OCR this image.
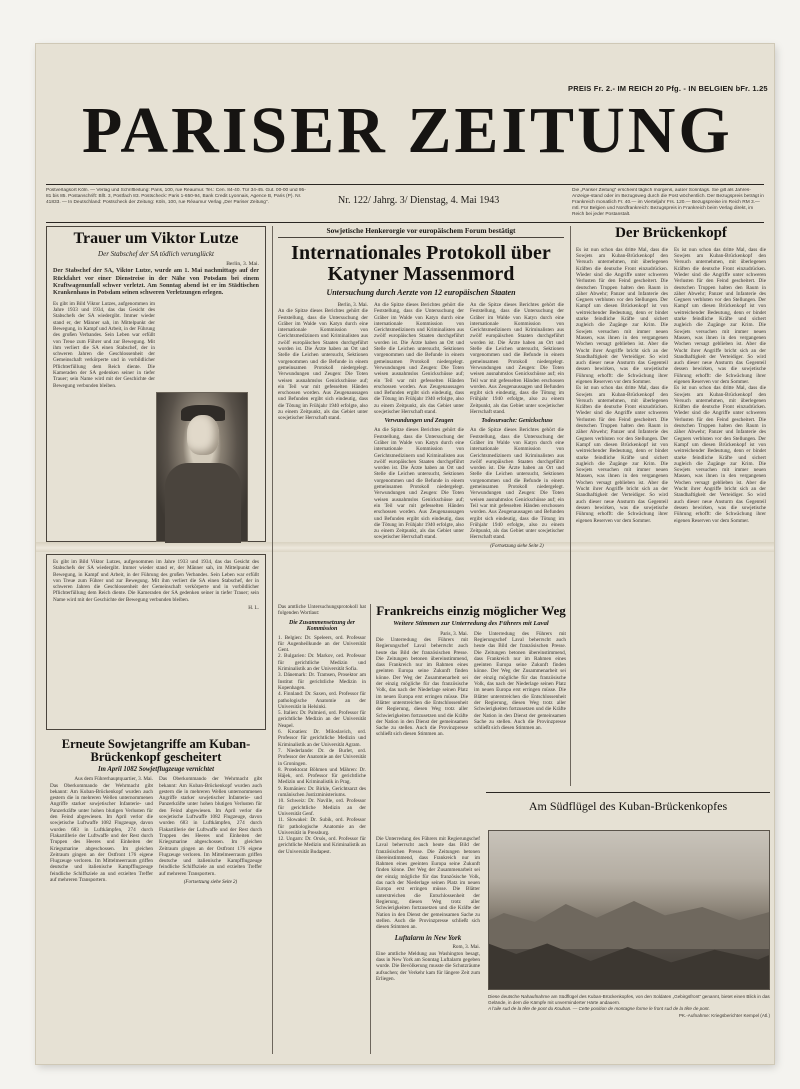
PREIS Fr. 2.- IM REICH 20 Pfg. - IN BELGIEN bFr. 1.25
PARISER ZEITUNG
Postverlagsort Köln. — Verlag und Schriftleitung: Paris, 100, rue Réaumur. Tel.: Cen. 84-40. Tür 34-45. Gut. 00-00 und 95-81 bis 85. Postanschrift: Bllt. 3, Postfach 83. Postscheck: Paris 1-650-94, Bank Credit Lyonnais, Agence B, Paris (P). Nr. 41833. — In Deutschland: Postscheck der Zeitung: Köln, 100, rue Réaumur Verlag „Der Pariser Zeitung“.	Nr. 122/ Jahrg. 3/ Dienstag, 4. Mai 1943
Die „Pariser Zeitung“ erscheint täglich morgens, außer Sonntags. Sie gilt als Jahres-Anzeige-stand oder im Bezugsweg durch die Post wöchentlich. Der Bezugspreis beträgt in Frankreich monatlich Fr. 40.— im Vierteljahr Frs. 120.— Bezugspreise im Reich RM 3.— mtl. Für Belgien und Nordfrankreich: Bezugspreis in Frankreich beim Verlag direkt, im Reich bei jeder Postanstalt.
Trauer um Viktor Lutze
Der Stabschef der SA tödlich verunglückt
Berlin, 3. Mai.
Der Stabschef der SA, Viktor Lutze, wurde am 1. Mai nachmittags auf der Rückfahrt vor einer Dienstreise in der Nähe von Potsdam bei einem Kraftwagenunfall schwer verletzt. Am Sonntag abend ist er im Städtischen Krankenhaus in Potsdam seinen schweren Verletzungen erlegen.
Es gibt im Bild Viktor Lutzes, aufgenommen im Jahre 1933 und 1934, das das Gesicht des Stabschefs der SA wiedergibt. Immer wieder stand er, der Männer sah, im Mittelpunkt der Bewegung, in Kampf und Arbeit, in der Führung des großen Verbandes. Sein Leben war erfüllt von Treue zum Führer und zur Bewegung. Mit ihm verliert die SA einen Stabschef, der in schweren Jahren die Geschlossenheit der Gemeinschaft verkörperte und in vorbildlicher Pflichterfüllung dem Reich diente. Die Kameraden der SA gedenken seiner in tiefer Trauer; sein Name wird mit der Geschichte der Bewegung verbunden bleiben.
Es gibt im Bild Viktor Lutzes, aufgenommen im Jahre 1933 und 1934, das das Gesicht des Stabschefs der SA wiedergibt. Immer wieder stand er, der Männer sah, im Mittelpunkt der Bewegung, in Kampf und Arbeit, in der Führung des großen Verbandes. Sein Leben war erfüllt von Treue zum Führer und zur Bewegung. Mit ihm verliert die SA einen Stabschef, der in schweren Jahren die Geschlossenheit der Gemeinschaft verkörperte und in vorbildlicher Pflichterfüllung dem Reich diente. Die Kameraden der SA gedenken seiner in tiefer Trauer; sein Name wird mit der Geschichte der Bewegung verbunden bleiben.
H. L.
Erneute Sowjetangriffe am Kuban-Brückenkopf gescheitert
Im April 1082 Sowjetflugzeuge vernichtet
Aus dem Führerhauptquartier, 3. Mai.
Das Oberkommando der Wehrmacht gibt bekannt: Am Kuban-Brückenkopf wurden auch gestern die in mehreren Wellen unternommenen Angriffe starker sowjetischer Infanterie- und Panzerkräfte unter hohen blutigen Verlusten für den Feind abgewiesen. Im April verlor die sowjetische Luftwaffe 1082 Flugzeuge, davon wurden 683 in Luftkämpfen, 274 durch Flakartillerie der Luftwaffe und der Rest durch Truppen des Heeres und Einheiten der Kriegsmarine abgeschossen. Im gleichen Zeitraum gingen an der Ostfront 176 eigene Flugzeuge verloren. Im Mittelmeerraum griffen deutsche und italienische Kampfflugzeuge feindliche Schiffsziele an und erzielten Treffer auf mehreren Transportern.
Das Oberkommando der Wehrmacht gibt bekannt: Am Kuban-Brückenkopf wurden auch gestern die in mehreren Wellen unternommenen Angriffe starker sowjetischer Infanterie- und Panzerkräfte unter hohen blutigen Verlusten für den Feind abgewiesen. Im April verlor die sowjetische Luftwaffe 1082 Flugzeuge, davon wurden 683 in Luftkämpfen, 274 durch Flakartillerie der Luftwaffe und der Rest durch Truppen des Heeres und Einheiten der Kriegsmarine abgeschossen. Im gleichen Zeitraum gingen an der Ostfront 176 eigene Flugzeuge verloren. Im Mittelmeerraum griffen deutsche und italienische Kampfflugzeuge feindliche Schiffsziele an und erzielten Treffer auf mehreren Transportern.
(Fortsetzung siehe Seite 2)
Sowjetische Henkerorgie vor europäischem Forum bestätigt
Internationales Protokoll über Katyner Massenmord
Untersuchung durch Aerzte von 12 europäischen Staaten
Berlin, 3. Mai.
An die Spitze dieses Berichtes gehört die Feststellung, dass die Untersuchung der Gräber im Walde von Katyn durch eine internationale Kommission von Gerichtsmedizinern und Kriminalisten aus zwölf europäischen Staaten durchgeführt worden ist. Die Ärzte haben an Ort und Stelle die Leichen untersucht, Sektionen vorgenommen und die Befunde in einem gemeinsamen Protokoll niedergelegt. Verwundungen und Zeugen: Die Toten weisen ausnahmslos Genickschüsse auf; ein Teil war mit gefesselten Händen erschossen worden. Aus Zeugenaussagen und Befunden ergibt sich eindeutig, dass die Tötung im Frühjahr 1940 erfolgte, also zu einem Zeitpunkt, als das Gebiet unter sowjetischer Herrschaft stand.
An die Spitze dieses Berichtes gehört die Feststellung, dass die Untersuchung der Gräber im Walde von Katyn durch eine internationale Kommission von Gerichtsmedizinern und Kriminalisten aus zwölf europäischen Staaten durchgeführt worden ist. Die Ärzte haben an Ort und Stelle die Leichen untersucht, Sektionen vorgenommen und die Befunde in einem gemeinsamen Protokoll niedergelegt. Verwundungen und Zeugen: Die Toten weisen ausnahmslos Genickschüsse auf; ein Teil war mit gefesselten Händen erschossen worden. Aus Zeugenaussagen und Befunden ergibt sich eindeutig, dass die Tötung im Frühjahr 1940 erfolgte, also zu einem Zeitpunkt, als das Gebiet unter sowjetischer Herrschaft stand.
Verwundungen und Zeugen
An die Spitze dieses Berichtes gehört die Feststellung, dass die Untersuchung der Gräber im Walde von Katyn durch eine internationale Kommission von Gerichtsmedizinern und Kriminalisten aus zwölf europäischen Staaten durchgeführt worden ist. Die Ärzte haben an Ort und Stelle die Leichen untersucht, Sektionen vorgenommen und die Befunde in einem gemeinsamen Protokoll niedergelegt. Verwundungen und Zeugen: Die Toten weisen ausnahmslos Genickschüsse auf; ein Teil war mit gefesselten Händen erschossen worden. Aus Zeugenaussagen und Befunden ergibt sich eindeutig, dass die Tötung im Frühjahr 1940 erfolgte, also zu einem Zeitpunkt, als das Gebiet unter sowjetischer Herrschaft stand.
An die Spitze dieses Berichtes gehört die Feststellung, dass die Untersuchung der Gräber im Walde von Katyn durch eine internationale Kommission von Gerichtsmedizinern und Kriminalisten aus zwölf europäischen Staaten durchgeführt worden ist. Die Ärzte haben an Ort und Stelle die Leichen untersucht, Sektionen vorgenommen und die Befunde in einem gemeinsamen Protokoll niedergelegt. Verwundungen und Zeugen: Die Toten weisen ausnahmslos Genickschüsse auf; ein Teil war mit gefesselten Händen erschossen worden. Aus Zeugenaussagen und Befunden ergibt sich eindeutig, dass die Tötung im Frühjahr 1940 erfolgte, also zu einem Zeitpunkt, als das Gebiet unter sowjetischer Herrschaft stand.
Todesursache: Genickschuss
An die Spitze dieses Berichtes gehört die Feststellung, dass die Untersuchung der Gräber im Walde von Katyn durch eine internationale Kommission von Gerichtsmedizinern und Kriminalisten aus zwölf europäischen Staaten durchgeführt worden ist. Die Ärzte haben an Ort und Stelle die Leichen untersucht, Sektionen vorgenommen und die Befunde in einem gemeinsamen Protokoll niedergelegt. Verwundungen und Zeugen: Die Toten weisen ausnahmslos Genickschüsse auf; ein Teil war mit gefesselten Händen erschossen worden. Aus Zeugenaussagen und Befunden ergibt sich eindeutig, dass die Tötung im Frühjahr 1940 erfolgte, also zu einem Zeitpunkt, als das Gebiet unter sowjetischer Herrschaft stand.
(Fortsetzung siehe Seite 2)
Das amtliche Untersuchungsprotokoll hat folgenden Wortlaut:
Die Zusammensetzung der Kommission
1. Belgien: Dr. Speleers, ord. Professor für Augenheilkunde an der Universität Gent.
2. Bulgarien: Dr. Markov, ord. Professor für gerichtliche Medizin und Kriminalistik an der Universität Sofia.
3. Dänemark: Dr. Tramsen, Prosektor am Institut für gerichtliche Medizin in Kopenhagen.
4. Finnland: Dr. Saxen, ord. Professor für pathologische Anatomie an der Universität in Helsinki.
5. Italien: Dr. Palmieri, ord. Professor für gerichtliche Medizin an der Universität Neapel.
6. Kroatien: Dr. Miloslavich, ord. Professor für gerichtliche Medizin und Kriminalistik an der Universität Agram.
7. Niederlande: Dr. de Burlet, ord. Professor der Anatomie an der Universität in Groningen.
8. Protektorat Böhmen und Mähren: Dr. Hájek, ord. Professor für gerichtliche Medizin und Kriminalistik in Prag.
9. Rumänien: Dr. Birkle, Gerichtsarzt des rumänischen Justizministeriums.
10. Schweiz: Dr. Naville, ord. Professor für gerichtliche Medizin an der Universität Genf.
11. Slowakei: Dr. Subik, ord. Professor für pathologische Anatomie an der Universität in Pressburg.
12. Ungarn: Dr. Orsós, ord. Professor für gerichtliche Medizin und Kriminalistik an der Universität Budapest.
Frankreichs einzig möglicher Weg
Weitere Stimmen zur Unterredung des Führers mit Laval
Paris, 3. Mai.
Die Unterredung des Führers mit Regierungschef Laval beherrscht auch heute das Bild der französischen Presse. Die Zeitungen betonen übereinstimmend, dass Frankreich nur im Rahmen eines geeinten Europa seine Zukunft finden könne. Der Weg der Zusammenarbeit sei der einzig mögliche für das französische Volk, das nach der Niederlage seinen Platz im neuen Europa erst erringen müsse. Die Blätter unterstreichen die Entschlossenheit der Regierung, diesen Weg trotz aller Schwierigkeiten fortzusetzen und die Kräfte der Nation in den Dienst der gemeinsamen Sache zu stellen. Auch die Provinzpresse schließt sich diesen Stimmen an.
Die Unterredung des Führers mit Regierungschef Laval beherrscht auch heute das Bild der französischen Presse. Die Zeitungen betonen übereinstimmend, dass Frankreich nur im Rahmen eines geeinten Europa seine Zukunft finden könne. Der Weg der Zusammenarbeit sei der einzig mögliche für das französische Volk, das nach der Niederlage seinen Platz im neuen Europa erst erringen müsse. Die Blätter unterstreichen die Entschlossenheit der Regierung, diesen Weg trotz aller Schwierigkeiten fortzusetzen und die Kräfte der Nation in den Dienst der gemeinsamen Sache zu stellen. Auch die Provinzpresse schließt sich diesen Stimmen an.
Die Unterredung des Führers mit Regierungschef Laval beherrscht auch heute das Bild der französischen Presse. Die Zeitungen betonen übereinstimmend, dass Frankreich nur im Rahmen eines geeinten Europa seine Zukunft finden könne. Der Weg der Zusammenarbeit sei der einzig mögliche für das französische Volk, das nach der Niederlage seinen Platz im neuen Europa erst erringen müsse. Die Blätter unterstreichen die Entschlossenheit der Regierung, diesen Weg trotz aller Schwierigkeiten fortzusetzen und die Kräfte der Nation in den Dienst der gemeinsamen Sache zu stellen. Auch die Provinzpresse schließt sich diesen Stimmen an.
Luftalarm in New York
Rom, 3. Mai.
Eine amtliche Meldung aus Washington besagt, dass in New York am Sonntag Luftalarm gegeben wurde. Die Bevölkerung musste die Schutzräume aufsuchen; der Verkehr kam für längere Zeit zum Erliegen.
Der Brückenkopf
Es ist nun schon das dritte Mal, dass die Sowjets am Kuban-Brückenkopf den Versuch unternehmen, mit überlegenen Kräften die deutsche Front einzudrücken. Wieder sind die Angriffe unter schweren Verlusten für den Feind gescheitert. Die deutschen Truppen halten den Raum in zäher Abwehr; Panzer und Infanterie des Gegners verbluten vor den Stellungen. Der Kampf um diesen Brückenkopf ist von weitreichender Bedeutung, denn er bindet starke feindliche Kräfte und sichert zugleich die Zugänge zur Krim. Die Sowjets versuchen mit immer neuen Massen, was ihnen in den vergangenen Wochen versagt geblieben ist. Aber die Wucht ihrer Angriffe bricht sich an der Standhaftigkeit der Verteidiger. So wird auch dieser neue Ansturm das Gegenteil dessen bewirken, was die sowjetische Führung erhofft: die Schwächung ihrer eigenen Reserven vor dem Sommer.
Es ist nun schon das dritte Mal, dass die Sowjets am Kuban-Brückenkopf den Versuch unternehmen, mit überlegenen Kräften die deutsche Front einzudrücken. Wieder sind die Angriffe unter schweren Verlusten für den Feind gescheitert. Die deutschen Truppen halten den Raum in zäher Abwehr; Panzer und Infanterie des Gegners verbluten vor den Stellungen. Der Kampf um diesen Brückenkopf ist von weitreichender Bedeutung, denn er bindet starke feindliche Kräfte und sichert zugleich die Zugänge zur Krim. Die Sowjets versuchen mit immer neuen Massen, was ihnen in den vergangenen Wochen versagt geblieben ist. Aber die Wucht ihrer Angriffe bricht sich an der Standhaftigkeit der Verteidiger. So wird auch dieser neue Ansturm das Gegenteil dessen bewirken, was die sowjetische Führung erhofft: die Schwächung ihrer eigenen Reserven vor dem Sommer.
Es ist nun schon das dritte Mal, dass die Sowjets am Kuban-Brückenkopf den Versuch unternehmen, mit überlegenen Kräften die deutsche Front einzudrücken. Wieder sind die Angriffe unter schweren Verlusten für den Feind gescheitert. Die deutschen Truppen halten den Raum in zäher Abwehr; Panzer und Infanterie des Gegners verbluten vor den Stellungen. Der Kampf um diesen Brückenkopf ist von weitreichender Bedeutung, denn er bindet starke feindliche Kräfte und sichert zugleich die Zugänge zur Krim. Die Sowjets versuchen mit immer neuen Massen, was ihnen in den vergangenen Wochen versagt geblieben ist. Aber die Wucht ihrer Angriffe bricht sich an der Standhaftigkeit der Verteidiger. So wird auch dieser neue Ansturm das Gegenteil dessen bewirken, was die sowjetische Führung erhofft: die Schwächung ihrer eigenen Reserven vor dem Sommer.
Es ist nun schon das dritte Mal, dass die Sowjets am Kuban-Brückenkopf den Versuch unternehmen, mit überlegenen Kräften die deutsche Front einzudrücken. Wieder sind die Angriffe unter schweren Verlusten für den Feind gescheitert. Die deutschen Truppen halten den Raum in zäher Abwehr; Panzer und Infanterie des Gegners verbluten vor den Stellungen. Der Kampf um diesen Brückenkopf ist von weitreichender Bedeutung, denn er bindet starke feindliche Kräfte und sichert zugleich die Zugänge zur Krim. Die Sowjets versuchen mit immer neuen Massen, was ihnen in den vergangenen Wochen versagt geblieben ist. Aber die Wucht ihrer Angriffe bricht sich an der Standhaftigkeit der Verteidiger. So wird auch dieser neue Ansturm das Gegenteil dessen bewirken, was die sowjetische Führung erhofft: die Schwächung ihrer eigenen Reserven vor dem Sommer.
Am Südflügel des Kuban-Brückenkopfes
Diese deutsche Nahaufnahme am Südflügel des Kuban-Brückenkopfes, von den Soldaten „Gebirgsfront“ genannt, bietet einen Blick in das Gelände, in dem die Kämpfe mit unverminderter Härte andauern.
A l'aile sud de la tête de pont du Kouban. — Cette position de montagne forme le front sud de la tête de pont.
PK.-Aufnahme: Kriegsberichter Kempel (Atl.)
